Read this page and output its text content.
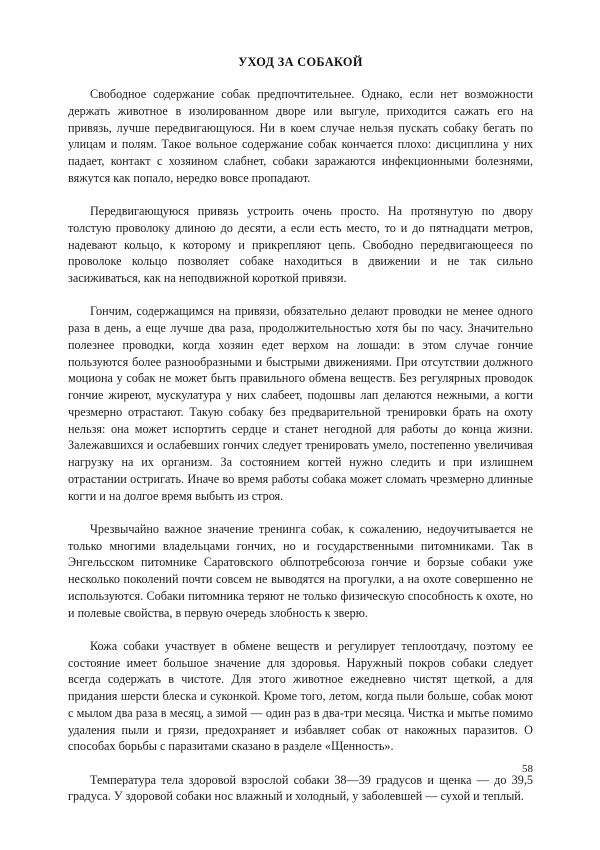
УХОД ЗА СОБАКОЙ

Свободное содержание собак предпочтительнее. Однако, если нет возможности держать животное в изолированном дворе или выгуле, приходится сажать его на привязь, лучше передвигающуюся. Ни в коем случае нельзя пускать собаку бегать по улицам и полям. Такое вольное содержание собак кончается плохо: дисциплина у них падает, контакт с хозяином слабнет, собаки заражаются инфекционными болезнями, вяжутся как попало, нередко вовсе пропадают.

Передвигающуюся привязь устроить очень просто. На протянутую по двору толстую проволоку длиною до десяти, а если есть место, то и до пятнадцати метров, надевают кольцо, к которому и прикрепляют цепь. Свободно передвигающееся по проволоке кольцо позволяет собаке находиться в движении и не так сильно засиживаться, как на неподвижной короткой привязи.

Гончим, содержащимся на привязи, обязательно делают проводки не менее одного раза в день, а еще лучше два раза, продолжительностью хотя бы по часу. Значительно полезнее проводки, когда хозяин едет верхом на лошади: в этом случае гончие пользуются более разнообразными и быстрыми движениями. При отсутствии должного моциона у собак не может быть правильного обмена веществ. Без регулярных проводок гончие жиреют, мускулатура у них слабеет, подошвы лап делаются нежными, а когти чрезмерно отрастают. Такую собаку без предварительной тренировки брать на охоту нельзя: она может испортить сердце и станет негодной для работы до конца жизни. Залежавшихся и ослабевших гончих следует тренировать умело, постепенно увеличивая нагрузку на их организм. За состоянием когтей нужно следить и при излишнем отрастании остригать. Иначе во время работы собака может сломать чрезмерно длинные когти и на долгое время выбыть из строя.

Чрезвычайно важное значение тренинга собак, к сожалению, недоучитывается не только многими владельцами гончих, но и государственными питомниками. Так в Энгельсском питомнике Саратовского облпотребсоюза гончие и борзые собаки уже несколько поколений почти совсем не выводятся на прогулки, а на охоте совершенно не используются. Собаки питомника теряют не только физическую способность к охоте, но и полевые свойства, в первую очередь злобность к зверю.

Кожа собаки участвует в обмене веществ и регулирует теплоотдачу, поэтому ее состояние имеет большое значение для здоровья. Наружный покров собаки следует всегда содержать в чистоте. Для этого животное ежедневно чистят щеткой, а для придания шерсти блеска и суконкой. Кроме того, летом, когда пыли больше, собак моют с мылом два раза в месяц, а зимой — один раз в два-три месяца. Чистка и мытье помимо удаления пыли и грязи, предохраняет и избавляет собак от накожных паразитов. О способах борьбы с паразитами сказано в разделе «Щенность».

Температура тела здоровой взрослой собаки 38—39 градусов и щенка — до 39,5 градуса. У здоровой собаки нос влажный и холодный, у заболевшей — сухой и теплый.

58
